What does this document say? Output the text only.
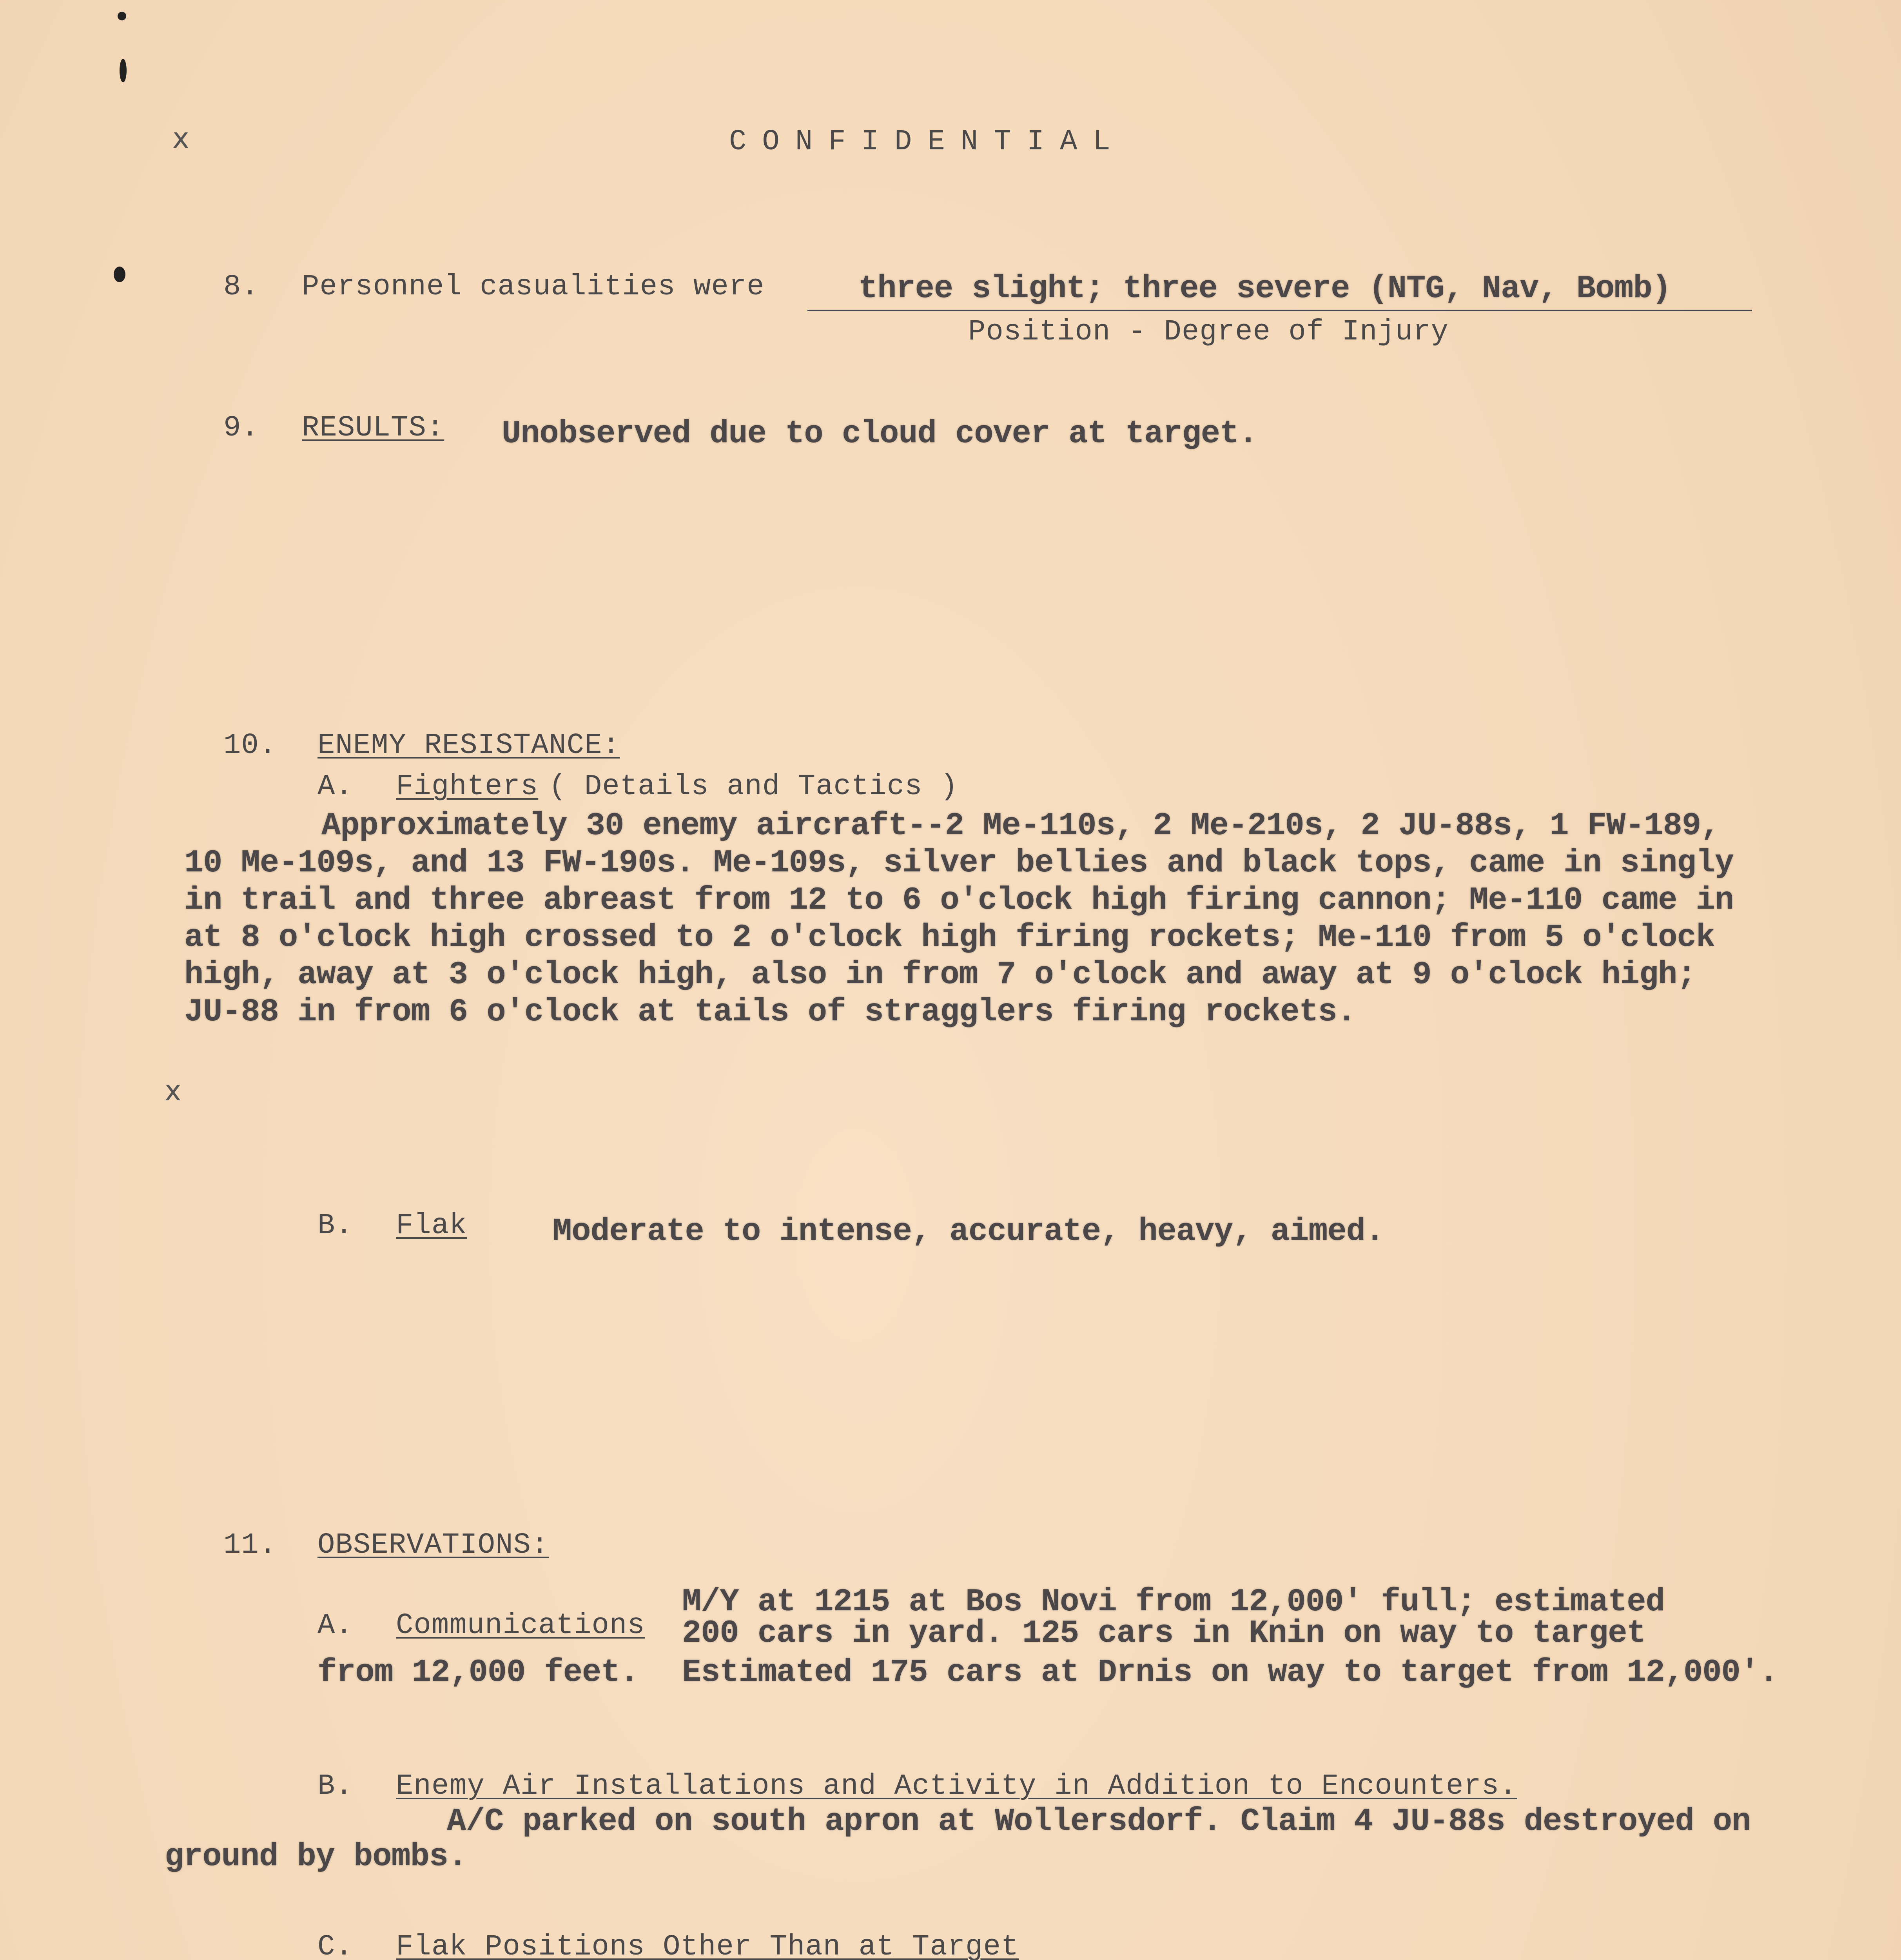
CONFIDENTIAL
x
8. Personnel casualities were	three slight; three severe (NTG, Nav, Bomb)
Position - Degree of Injury
9. RESULTS: Unobserved due to cloud cover at target.
10. ENEMY RESISTANCE:
A. Fighters ( Details and Tactics )
Approximately 30 enemy aircraft--2 Me-110s, 2 Me-210s, 2 JU-88s, 1 FW-189,
10 Me-109s, and 13 FW-190s. Me-109s, silver bellies and black tops, came in singly
in trail and three abreast from 12 to 6 o'clock high firing cannon; Me-110 came in
at 8 o'clock high crossed to 2 o'clock high firing rockets; Me-110 from 5 o'clock
high, away at 3 o'clock high, also in from 7 o'clock and away at 9 o'clock high;
JU-88 in from 6 o'clock at tails of stragglers firing rockets.
x
B. Flak	Moderate to intense, accurate, heavy, aimed.
11. OBSERVATIONS:
A. Communications
M/Y at 1215 at Bos Novi from 12,000' full; estimated
200 cars in yard. 125 cars in Knin on way to target
from 12,000 feet. Estimated 175 cars at Drnis on way to target from 12,000'.
B. Enemy Air Installations and Activity in Addition to Encounters.
A/C parked on south apron at Wollersdorf. Claim 4 JU-88s destroyed on
ground by bombs.
C. Flak Positions Other Than at Target
